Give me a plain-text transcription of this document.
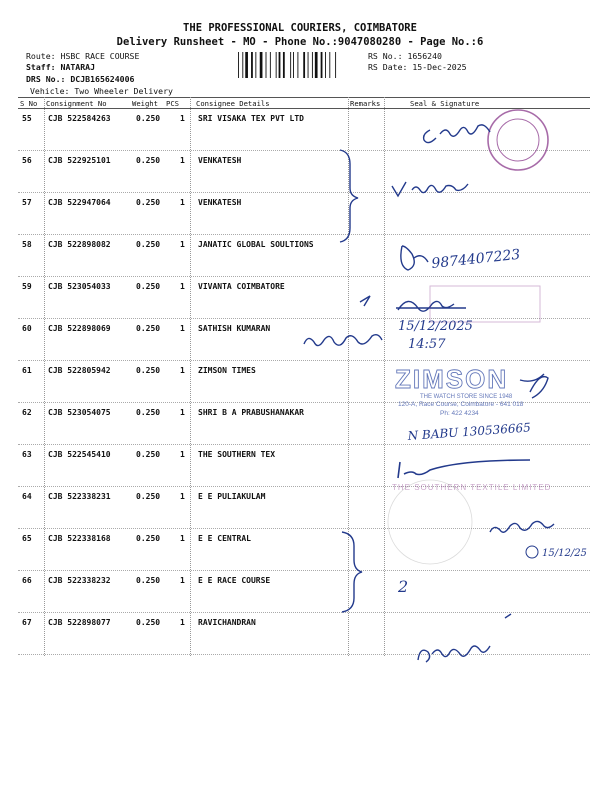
THE PROFESSIONAL COURIERS, COIMBATORE
Delivery Runsheet - MO - Phone No.:9047080280 - Page No.:6
Route: HSBC RACE COURSE
Staff: NATARAJ
DRS No.: DCJB165624006
Vehicle: Two Wheeler Delivery
RS No.: 1656240
RS Date: 15-Dec-2025
S No Consignment No	Weight PCS Consignee Details	Remarks	Seal & Signature
55 CJB 522584263	0.250 1 SRI VISAKA TEX PVT LTD
56 CJB 522925101	0.250 1 VENKATESH
57 CJB 522947064	0.250 1 VENKATESH
58 CJB 522898082	0.250 1 JANATIC GLOBAL SOULTIONS
59 CJB 523054033	0.250 1 VIVANTA COIMBATORE
60 CJB 522898069	0.250 1 SATHISH KUMARAN
61 CJB 522805942	0.250 1 ZIMSON TIMES
62 CJB 523054075	0.250 1 SHRI B A PRABUSHANAKAR
63 CJB 522545410	0.250 1 THE SOUTHERN TEX
64 CJB 522338231	0.250 1 E E PULIAKULAM
65 CJB 522338168	0.250 1 E E CENTRAL
66 CJB 522338232	0.250 1 E E RACE COURSE
67 CJB 522898077	0.250 1 RAVICHANDRAN
9874407223
15/12/2025
14:57
ZIMSON
THE WATCH STORE SINCE 1948
120-A, Race Course, Coimbatore - 641 018
Ph: 422 4234
N BABU 130536665
THE SOUTHERN TEXTILE LIMITED
15/12/25
2
